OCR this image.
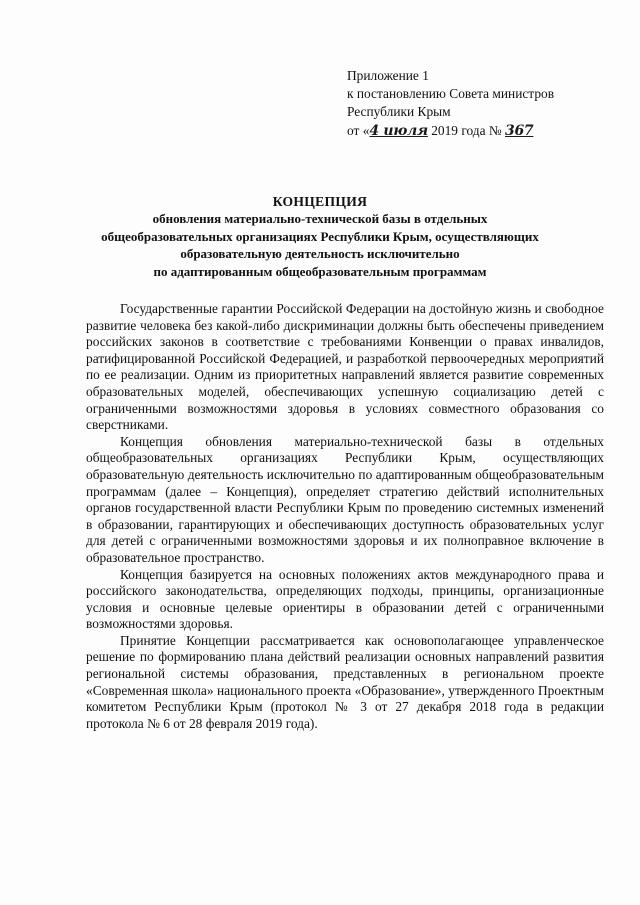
Приложение 1
к постановлению Совета министров
Республики Крым
от «4 июля 2019 года № 367
КОНЦЕПЦИЯ
обновления материально-технической базы в отдельных
общеобразовательных организациях Республики Крым, осуществляющих
образовательную деятельность исключительно
по адаптированным общеобразовательным программам

Государственные гарантии Российской Федерации на достойную жизнь и свободное развитие человека без какой-либо дискриминации должны быть обеспечены приведением российских законов в соответствие с требованиями Конвенции о правах инвалидов, ратифицированной Российской Федерацией, и разработкой первоочередных мероприятий по ее реализации. Одним из приоритетных направлений является развитие современных образовательных моделей, обеспечивающих успешную социализацию детей с ограниченными возможностями здоровья в условиях совместного образования со сверстниками.

Концепция обновления материально-технической базы в отдельных общеобразовательных организациях Республики Крым, осуществляющих образовательную деятельность исключительно по адаптированным общеобразовательным программам (далее – Концепция), определяет стратегию действий исполнительных органов государственной власти Республики Крым по проведению системных изменений в образовании, гарантирующих и обеспечивающих доступность образовательных услуг для детей с ограниченными возможностями здоровья и их полноправное включение в образовательное пространство.

Концепция базируется на основных положениях актов международного права и российского законодательства, определяющих подходы, принципы, организационные условия и основные целевые ориентиры в образовании детей с ограниченными возможностями здоровья.

Принятие Концепции рассматривается как основополагающее управленческое решение по формированию плана действий реализации основных направлений развития региональной системы образования, представленных в региональном проекте «Современная школа» национального проекта «Образование», утвержденного Проектным комитетом Республики Крым (протокол № 3 от 27 декабря 2018 года в редакции протокола № 6 от 28 февраля 2019 года).
